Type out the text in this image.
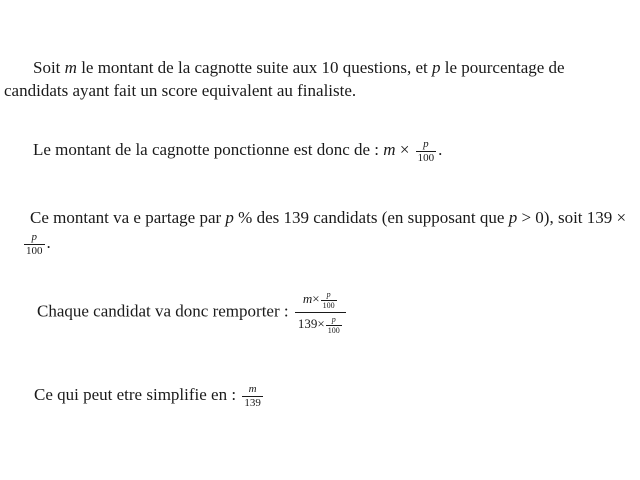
Soit m le montant de la cagnotte suite aux 10 questions, et p le pourcentage de candidats ayant fait un score equivalent au finaliste.

Le montant de la cagnotte ponctionne est donc de : $m \times \frac{p}{100}$ .

Ce montant va e partage par p % des 139 candidats (en supposant que p > 0), soit 139 ×
$\frac{p}{100}$ .

Chaque candidat va donc remporter : $\frac{m\times \frac{p}{100}}{139\times \frac{p}{100}}$

Ce qui peut etre simplifie en : $\frac{m}{139}$
